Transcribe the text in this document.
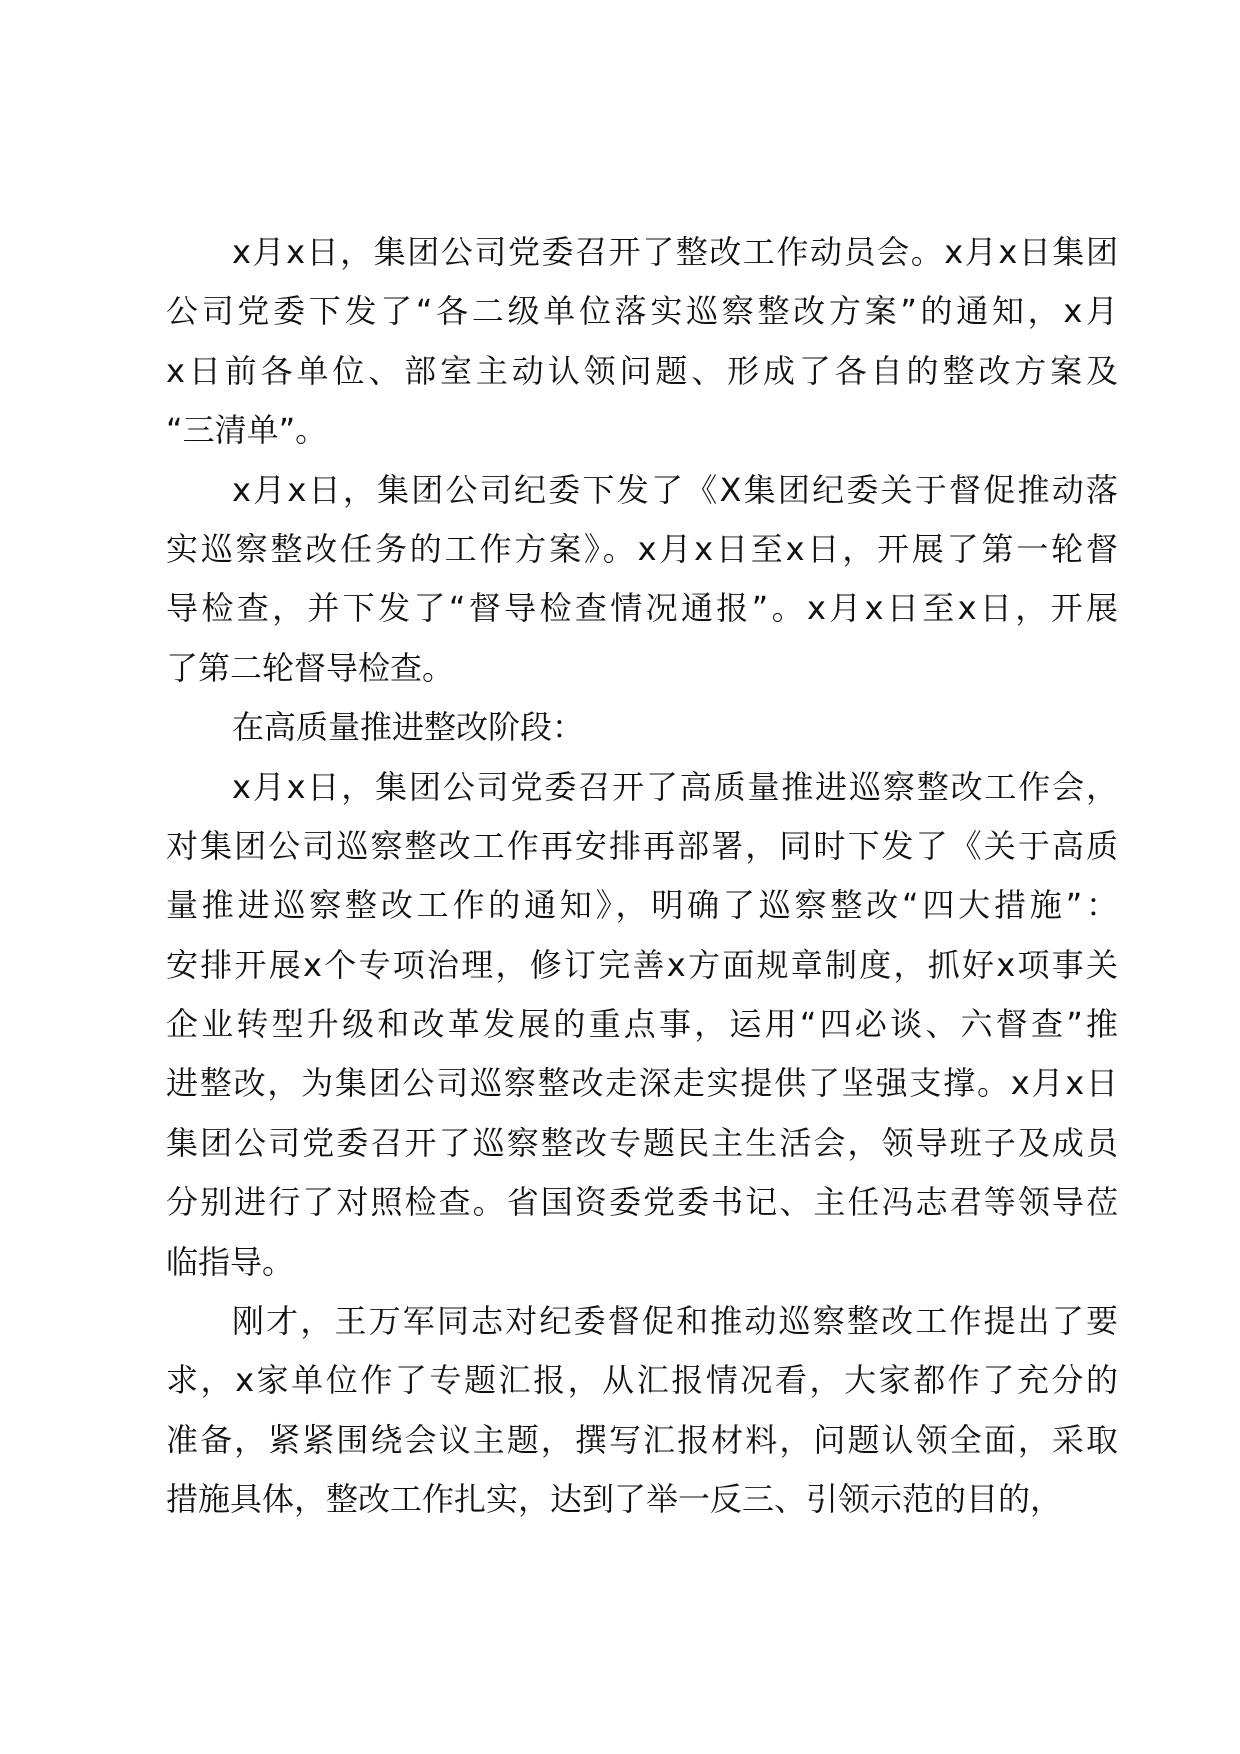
x月x日，集团公司党委召开了整改工作动员会。x月x日集团
公司党委下发了“各二级单位落实巡察整改方案”的通知，x月
x日前各单位、部室主动认领问题、形成了各自的整改方案及
“三清单”。
x月x日，集团公司纪委下发了《X集团纪委关于督促推动落
实巡察整改任务的工作方案》。x月x日至x日，开展了第一轮督
导检查，并下发了“督导检查情况通报”。x月x日至x日，开展
了第二轮督导检查。
在高质量推进整改阶段：
x月x日，集团公司党委召开了高质量推进巡察整改工作会，
对集团公司巡察整改工作再安排再部署，同时下发了《关于高质
量推进巡察整改工作的通知》，明确了巡察整改“四大措施”：
安排开展x个专项治理，修订完善x方面规章制度，抓好x项事关
企业转型升级和改革发展的重点事，运用“四必谈、六督查”推
进整改，为集团公司巡察整改走深走实提供了坚强支撑。x月x日
集团公司党委召开了巡察整改专题民主生活会，领导班子及成员
分别进行了对照检查。省国资委党委书记、主任冯志君等领导莅
临指导。
刚才，王万军同志对纪委督促和推动巡察整改工作提出了要
求，x家单位作了专题汇报，从汇报情况看，大家都作了充分的
准备，紧紧围绕会议主题，撰写汇报材料，问题认领全面，采取
措施具体，整改工作扎实，达到了举一反三、引领示范的目的，
